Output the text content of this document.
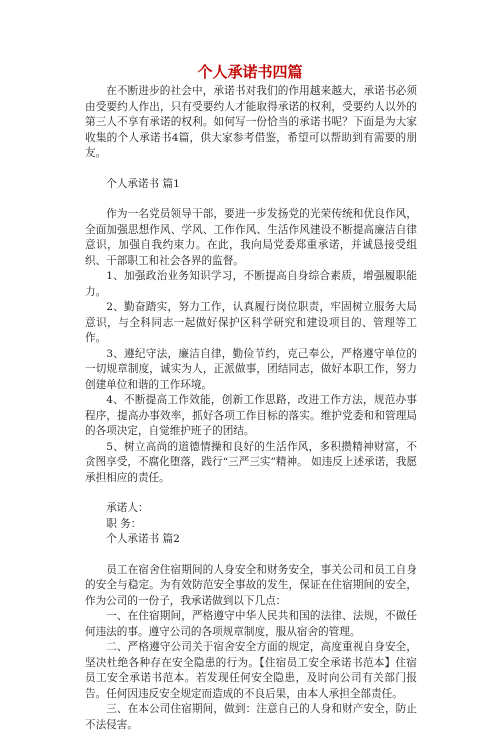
个人承诺书四篇

在不断进步的社会中，承诺书对我们的作用越来越大，承诺书必须由受要约人作出，只有受要约人才能取得承诺的权利，受要约人以外的第三人不享有承诺的权利。如何写一份恰当的承诺书呢？下面是为大家收集的个人承诺书4篇，供大家参考借鉴，希望可以帮助到有需要的朋友。

个人承诺书 篇1

作为一名党员领导干部，要进一步发扬党的光荣传统和优良作风，全面加强思想作风、学风、工作作风、生活作风建设不断提高廉洁自律意识，加强自我约束力。在此，我向局党委郑重承诺，并诚恳接受组织、干部职工和社会各界的监督。

1、加强政治业务知识学习，不断提高自身综合素质，增强履职能力。

2、勤奋踏实，努力工作，认真履行岗位职责，牢固树立服务大局意识，与全科同志一起做好保护区科学研究和建设项目的、管理等工作。

3、遵纪守法，廉洁自律，勤俭节约，克己奉公，严格遵守单位的一切规章制度，诚实为人，正派做事，团结同志，做好本职工作，努力创建单位和谐的工作环境。

4、不断提高工作效能，创新工作思路，改进工作方法，规范办事程序，提高办事效率，抓好各项工作目标的落实。维护党委和和管理局的各项决定，自觉维护班子的团结。

5、树立高尚的道德情操和良好的生活作风，多积攒精神财富，不贪图享受，不腐化堕落，践行“三严三实”精神。 如违反上述承诺，我愿承担相应的责任。

承诺人：

职 务：

个人承诺书 篇2

员工在宿舍住宿期间的人身安全和财务安全，事关公司和员工自身的安全与稳定。为有效防范安全事故的发生，保证在住宿期间的安全，作为公司的一份子，我承诺做到以下几点：

一、在住宿期间，严格遵守中华人民共和国的法律、法规，不做任何违法的事。遵守公司的各项规章制度，服从宿舍的管理。

二、严格遵守公司关于宿舍安全方面的规定，高度重视自身安全，坚决杜绝各种存在安全隐患的行为。【住宿员工安全承诺书范本】住宿员工安全承诺书范本。若发现任何安全隐患，及时向公司有关部门报告。任何因违反安全规定而造成的不良后果，由本人承担全部责任。

三、在本公司住宿期间，做到：注意自己的人身和财产安全，防止不法侵害。
